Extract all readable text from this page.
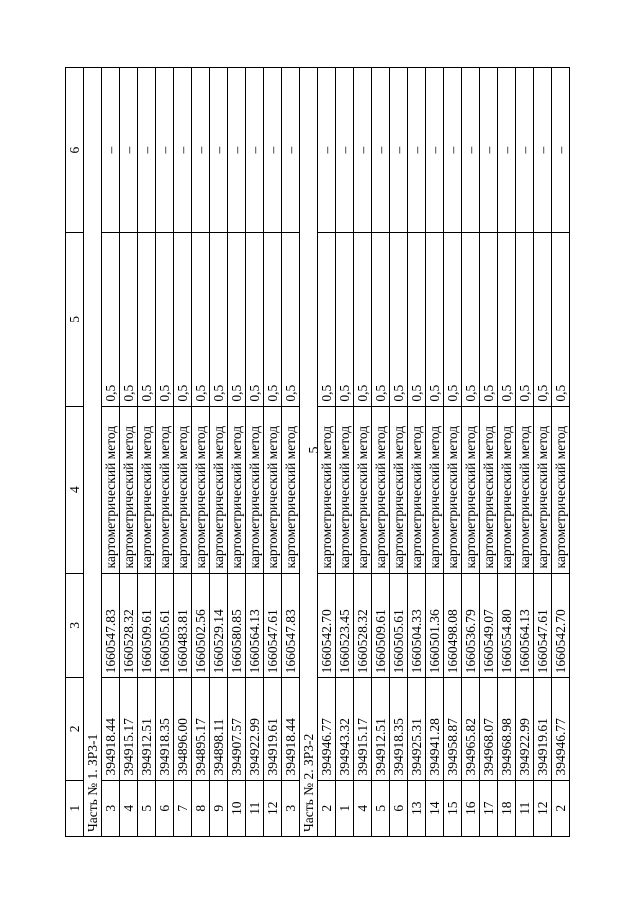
5
1	2	3	4	5	6
Часть № 1. ЗР3-1					
3	394918.44	1660547.83	картометрический метод	0,5	–
4	394915.17	1660528.32	картометрический метод	0,5	–
5	394912.51	1660509.61	картометрический метод	0,5	–
6	394918.35	1660505.61	картометрический метод	0,5	–
7	394896.00	1660483.81	картометрический метод	0,5	–
8	394895.17	1660502.56	картометрический метод	0,5	–
9	394898.11	1660529.14	картометрический метод	0,5	–
10	394907.57	1660580.85	картометрический метод	0,5	–
11	394922.99	1660564.13	картометрический метод	0,5	–
12	394919.61	1660547.61	картометрический метод	0,5	–
3	394918.44	1660547.83	картометрический метод	0,5	–
Часть № 2. ЗР3-2					
2	394946.77	1660542.70	картометрический метод	0,5	–
1	394943.32	1660523.45	картометрический метод	0,5	–
4	394915.17	1660528.32	картометрический метод	0,5	–
5	394912.51	1660509.61	картометрический метод	0,5	–
6	394918.35	1660505.61	картометрический метод	0,5	–
13	394925.31	1660504.33	картометрический метод	0,5	–
14	394941.28	1660501.36	картометрический метод	0,5	–
15	394958.87	1660498.08	картометрический метод	0,5	–
16	394965.82	1660536.79	картометрический метод	0,5	–
17	394968.07	1660549.07	картометрический метод	0,5	–
18	394968.98	1660554.80	картометрический метод	0,5	–
11	394922.99	1660564.13	картометрический метод	0,5	–
12	394919.61	1660547.61	картометрический метод	0,5	–
2	394946.77	1660542.70	картометрический метод	0,5	–
